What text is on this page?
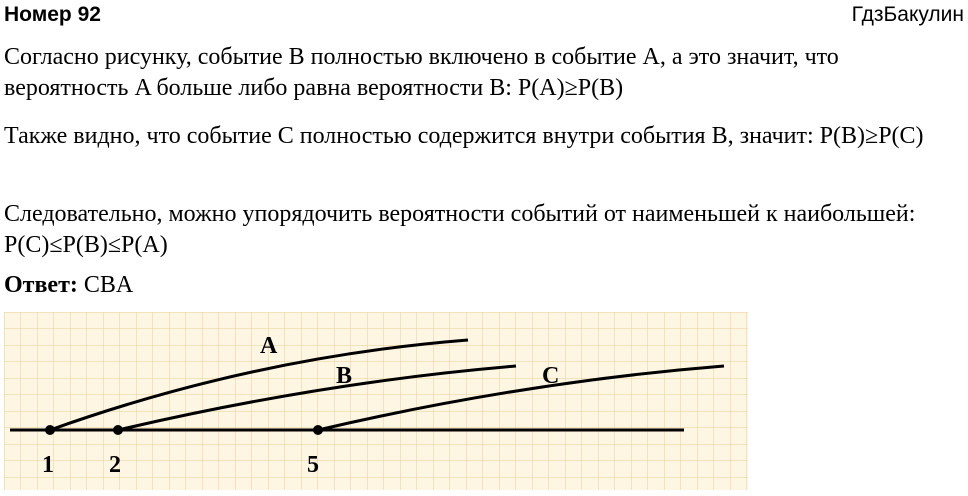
Номер 92	ГдзБакулин

Согласно рисунку, событие B полностью включено в событие A, а это значит, что вероятность A больше либо равна вероятности B: P(A)≥P(B)

Также видно, что событие C полностью содержится внутри события B, значит: P(B)≥P(C)

Следовательно, можно упорядочить вероятности событий от наименьшей к наибольшей: P(C)≤P(B)≤P(A)

Ответ: CBA

A
B	C
1 2	5
